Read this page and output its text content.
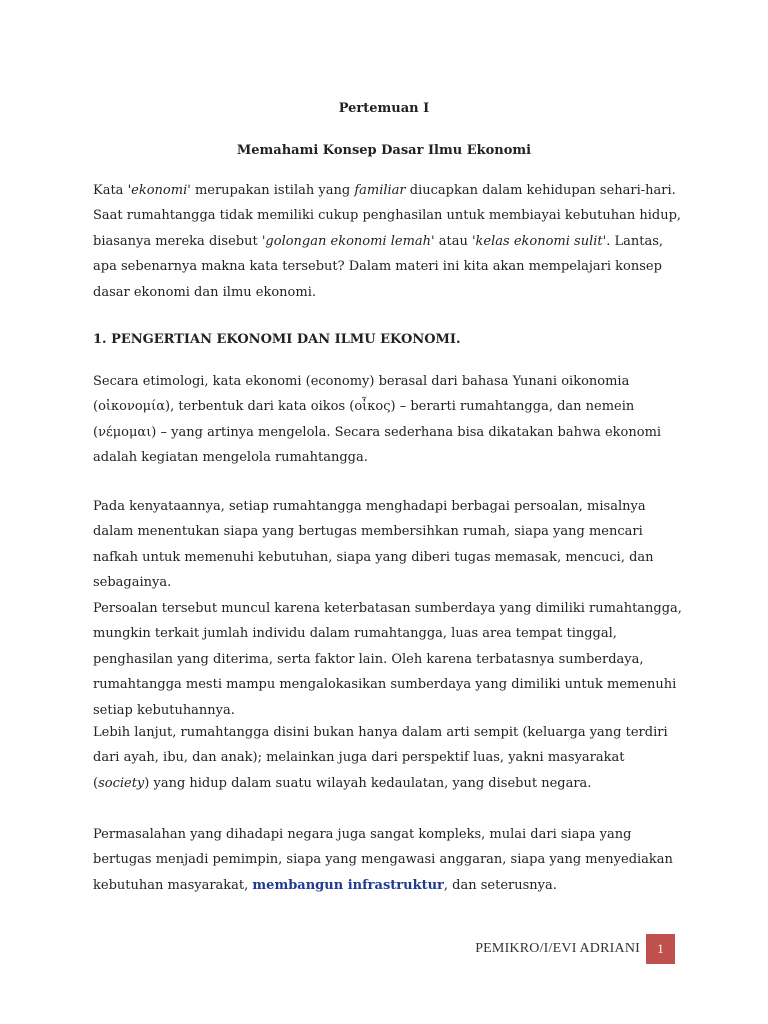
Pertemuan I
Memahami Konsep Dasar Ilmu Ekonomi

Kata 'ekonomi' merupakan istilah yang familiar diucapkan dalam kehidupan sehari-hari. Saat rumahtangga tidak memiliki cukup penghasilan untuk membiayai kebutuhan hidup, biasanya mereka disebut 'golongan ekonomi lemah' atau 'kelas ekonomi sulit'. Lantas, apa sebenarnya makna kata tersebut? Dalam materi ini kita akan mempelajari konsep dasar ekonomi dan ilmu ekonomi.

1. PENGERTIAN EKONOMI DAN ILMU EKONOMI.

Secara etimologi, kata ekonomi (economy) berasal dari bahasa Yunani oikonomia (οἰκονομία), terbentuk dari kata oikos (οἶκος) – berarti rumahtangga, dan nemein (νέμομαι) – yang artinya mengelola. Secara sederhana bisa dikatakan bahwa ekonomi adalah kegiatan mengelola rumahtangga.

Pada kenyataannya, setiap rumahtangga menghadapi berbagai persoalan, misalnya dalam menentukan siapa yang bertugas membersihkan rumah, siapa yang mencari nafkah untuk memenuhi kebutuhan, siapa yang diberi tugas memasak, mencuci, dan sebagainya.

Persoalan tersebut muncul karena keterbatasan sumberdaya yang dimiliki rumahtangga, mungkin terkait jumlah individu dalam rumahtangga, luas area tempat tinggal, penghasilan yang diterima, serta faktor lain. Oleh karena terbatasnya sumberdaya, rumahtangga mesti mampu mengalokasikan sumberdaya yang dimiliki untuk memenuhi setiap kebutuhannya.

Lebih lanjut, rumahtangga disini bukan hanya dalam arti sempit (keluarga yang terdiri dari ayah, ibu, dan anak); melainkan juga dari perspektif luas, yakni masyarakat (society) yang hidup dalam suatu wilayah kedaulatan, yang disebut negara.

Permasalahan yang dihadapi negara juga sangat kompleks, mulai dari siapa yang bertugas menjadi pemimpin, siapa yang mengawasi anggaran, siapa yang menyediakan kebutuhan masyarakat, membangun infrastruktur, dan seterusnya.

PEMIKRO/I/EVI ADRIANI	1
